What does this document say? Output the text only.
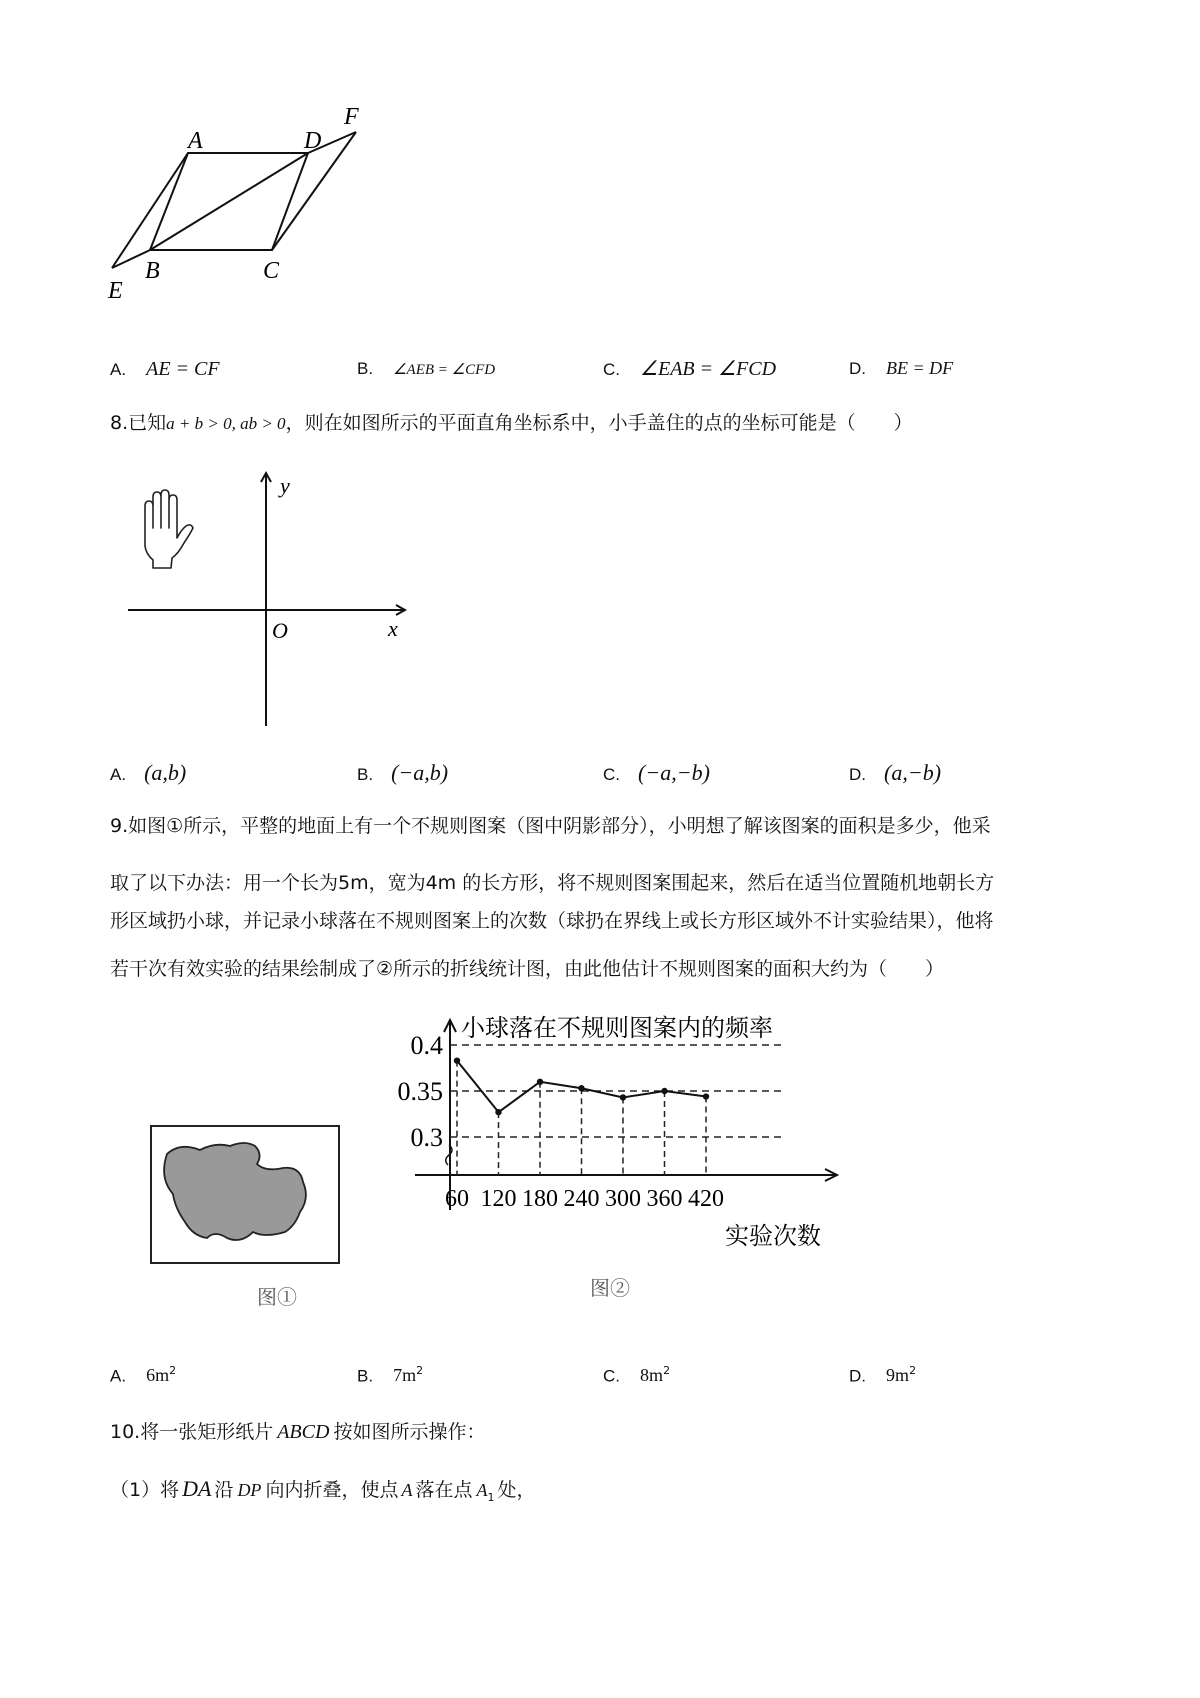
A	D
F
B	C
E
A. AE = CF	B. ∠AEB = ∠CFD	C. ∠EAB = ∠FCD	D. BE = DF
8.已知a + b > 0, ab > 0，则在如图所示的平面直角坐标系中，小手盖住的点的坐标可能是（　　）
y
x
O
A. (a,b)	B. (−a,b)	C. (−a,−b)	D. (a,−b)
9.如图①所示，平整的地面上有一个不规则图案（图中阴影部分），小明想了解该图案的面积是多少，他采
取了以下办法：用一个长为5m，宽为4m 的长方形，将不规则图案围起来，然后在适当位置随机地朝长方
形区域扔小球，并记录小球落在不规则图案上的次数（球扔在界线上或长方形区域外不计实验结果），他将
若干次有效实验的结果绘制成了②所示的折线统计图，由此他估计不规则图案的面积大约为（　　）
图①
0.3
0.35
0.4
60 120 180 240 300 360 420
小球落在不规则图案内的频率
实验次数
图②
A. $6m^2$	B. $7m^2$	C. $8m^2$	D. $9m^2$
10.将一张矩形纸片 ABCD 按如图所示操作：
（1）将 DA 沿 DP 向内折叠，使点 A 落在点 $A_1$ 处，
